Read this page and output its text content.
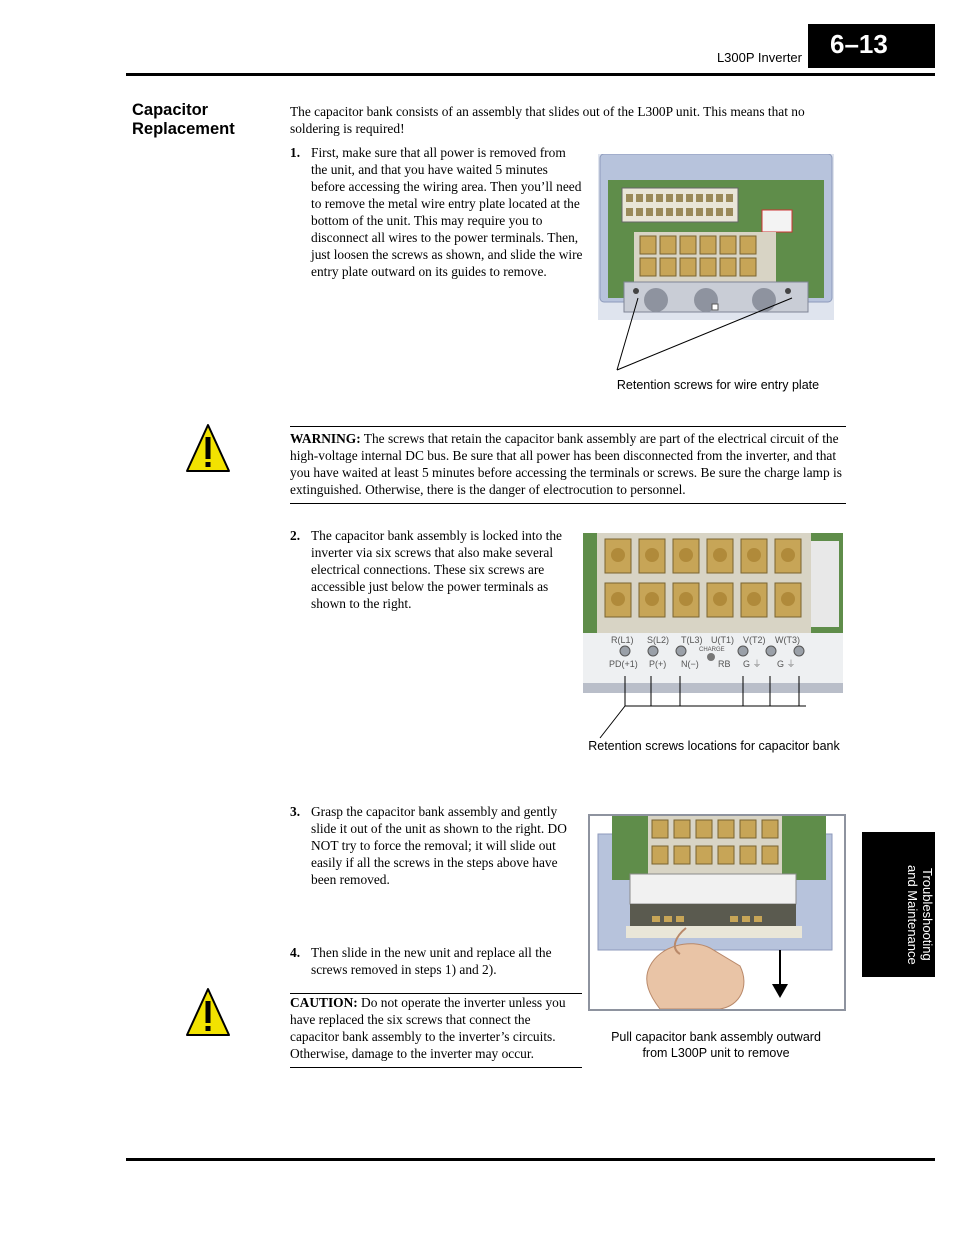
L300P Inverter	6–13
Capacitor
Replacement
The capacitor bank consists of an assembly that slides out of the L300P unit. This means that no soldering is required!
1. First, make sure that all power is removed from the unit, and that you have waited 5 minutes before accessing the wiring area. Then you’ll need to remove the metal wire entry plate located at the bottom of the unit. This may require you to disconnect all wires to the power terminals. Then, just loosen the screws as shown, and slide the wire entry plate outward on its guides to remove.
Retention screws for wire entry plate
WARNING: The screws that retain the capacitor bank assembly are part of the electrical circuit of the high-voltage internal DC bus. Be sure that all power has been disconnected from the inverter, and that you have waited at least 5 minutes before accessing the terminals or screws. Be sure the charge lamp is extinguished. Otherwise, there is the danger of electrocution to personnel.
2. The capacitor bank assembly is locked into the inverter via six screws that also make several electrical connections. These six screws are accessible just below the power terminals as shown to the right.
R(L1) S(L2) T(L3) U(T1) V(T2) W(T3)
CHARGE
PD(+1) P(+) N(−) RB G ⏚ G ⏚
Retention screws locations for capacitor bank
3. Grasp the capacitor bank assembly and gently slide it out of the unit as shown to the right. DO NOT try to force the removal; it will slide out easily if all the screws in the steps above have been removed.
Pull capacitor bank assembly outward
from L300P unit to remove
4. Then slide in the new unit and replace all the screws removed in steps 1) and 2).
CAUTION: Do not operate the inverter unless you have replaced the six screws that connect the capacitor bank assembly to the inverter’s circuits. Otherwise, damage to the inverter may occur.
Troubleshooting
and Maintenance
